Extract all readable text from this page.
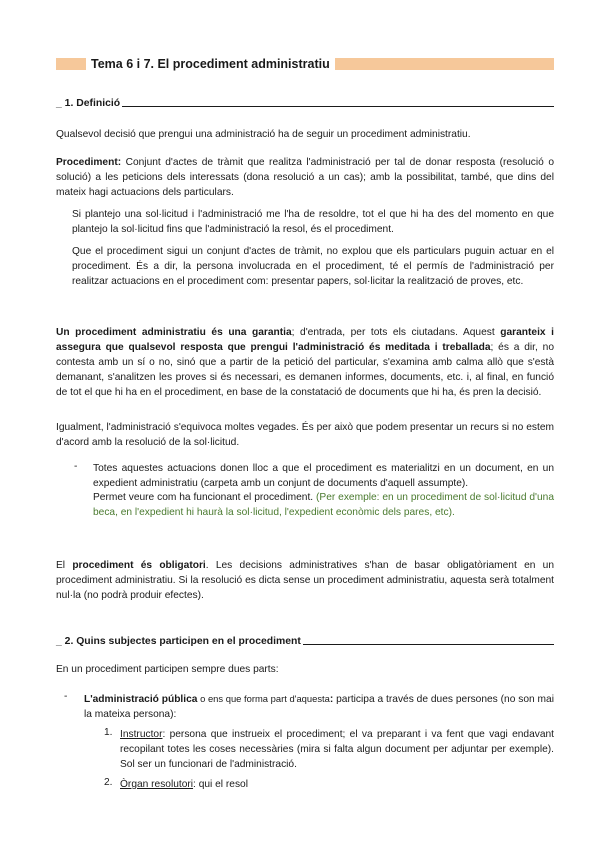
Tema 6 i 7. El procediment administratiu
_ 1. Definició

Qualsevol decisió que prengui una administració ha de seguir un procediment administratiu.

Procediment: Conjunt d'actes de tràmit que realitza l'administració per tal de donar resposta (resolució o solució) a les peticions dels interessats (dona resolució a un cas); amb la possibilitat, també, que dins del mateix hagi actuacions dels particulars.

Si plantejo una sol·licitud i l'administració me l'ha de resoldre, tot el que hi ha des del momento en que plantejo la sol·licitud fins que l'administració la resol, és el procediment.

Que el procediment sigui un conjunt d'actes de tràmit, no explou que els particulars puguin actuar en el procediment. És a dir, la persona involucrada en el procediment, té el permís de l'administració per realitzar actuacions en el procediment com: presentar papers, sol·licitar la realització de proves, etc.

Un procediment administratiu és una garantia; d'entrada, per tots els ciutadans. Aquest garanteix i assegura que qualsevol resposta que prengui l'administració és meditada i treballada; és a dir, no contesta amb un sí o no, sinó que a partir de la petició del particular, s'examina amb calma allò que s'està demanant, s'analitzen les proves si és necessari, es demanen informes, documents, etc. i, al final, en funció de tot el que hi ha en el procediment, en base de la constatació de documents que hi ha, és pren la decisió.

Igualment, l'administració s'equivoca moltes vegades. És per això que podem presentar un recurs si no estem d'acord amb la resolució de la sol·licitud.

- Totes aquestes actuacions donen lloc a que el procediment es materialitzi en un document, en un expedient administratiu (carpeta amb un conjunt de documents d'aquell assumpte).

Permet veure com ha funcionant el procediment. (Per exemple: en un procediment de sol·licitud d'una beca, en l'expedient hi haurà la sol·licitud, l'expedient econòmic dels pares, etc).

El procediment és obligatori. Les decisions administratives s'han de basar obligatòriament en un procediment administratiu. Si la resolució es dicta sense un procediment administratiu, aquesta serà totalment nul·la (no podrà produir efectes).

_ 2. Quins subjectes participen en el procediment

En un procediment participen sempre dues parts:

- L'administració pública o ens que forma part d'aquesta: participa a través de dues persones (no son mai la mateixa persona):

1. Instructor: persona que instrueix el procediment; el va preparant i va fent que vagi endavant recopilant totes les coses necessàries (mira si falta algun document per adjuntar per exemple). Sol ser un funcionari de l'administració.

2. Òrgan resolutori: qui el resol
